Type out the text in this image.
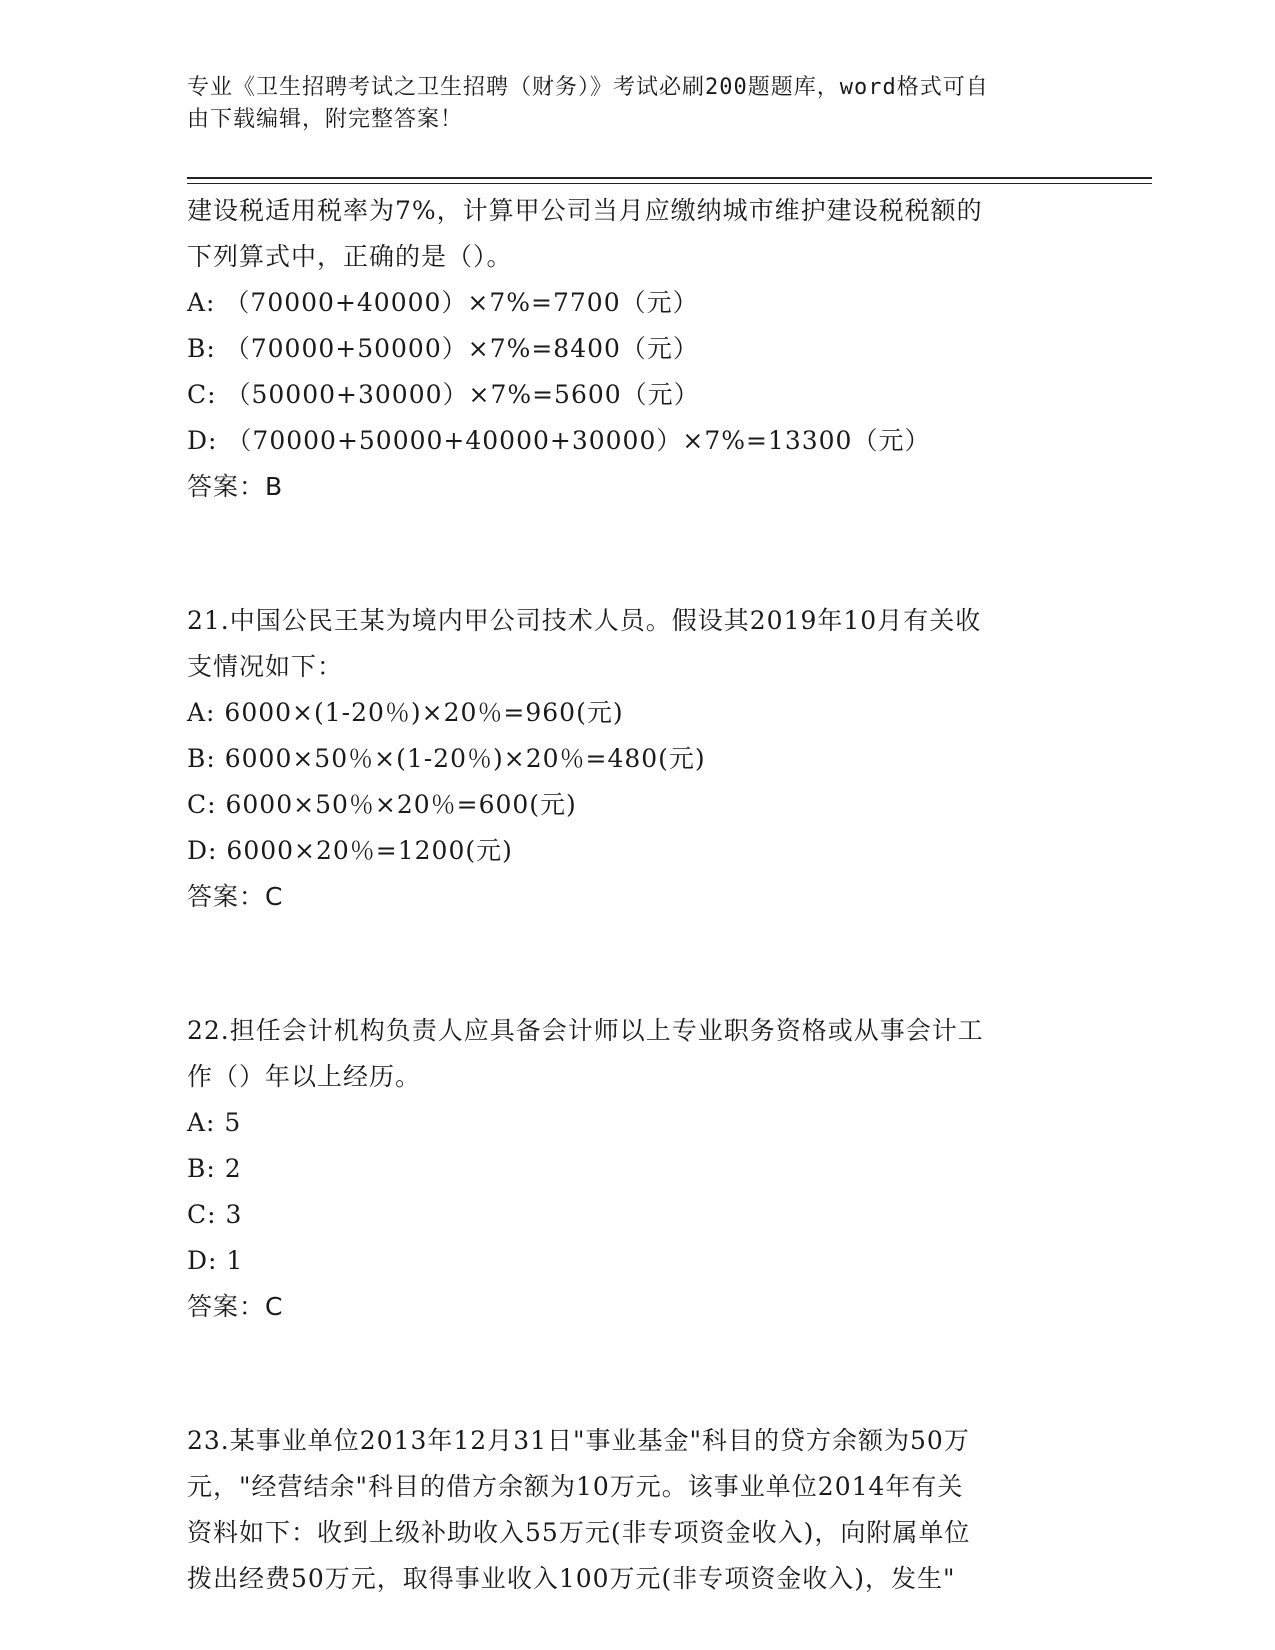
专业《卫生招聘考试之卫生招聘（财务）》考试必刷200题题库，word格式可自
由下载编辑，附完整答案！
建设税适用税率为7%，计算甲公司当月应缴纳城市维护建设税税额的
下列算式中，正确的是（）。
A: （70000+40000）×7%=7700（元）
B: （70000+50000）×7%=8400（元）
C: （50000+30000）×7%=5600（元）
D: （70000+50000+40000+30000）×7%=13300（元）
答案：B
21.中国公民王某为境内甲公司技术人员。假设其2019年10月有关收
支情况如下：
A: 6000×(1-20％)×20％=960(元)
B: 6000×50％×(1-20％)×20％=480(元)
C: 6000×50％×20％=600(元)
D: 6000×20％=1200(元)
答案：C
22.担任会计机构负责人应具备会计师以上专业职务资格或从事会计工
作（）年以上经历。
A: 5
B: 2
C: 3
D: 1
答案：C
23.某事业单位2013年12月31日"事业基金"科目的贷方余额为50万
元，"经营结余"科目的借方余额为10万元。该事业单位2014年有关
资料如下：收到上级补助收入55万元(非专项资金收入)，向附属单位
拨出经费50万元，取得事业收入100万元(非专项资金收入)，发生"
